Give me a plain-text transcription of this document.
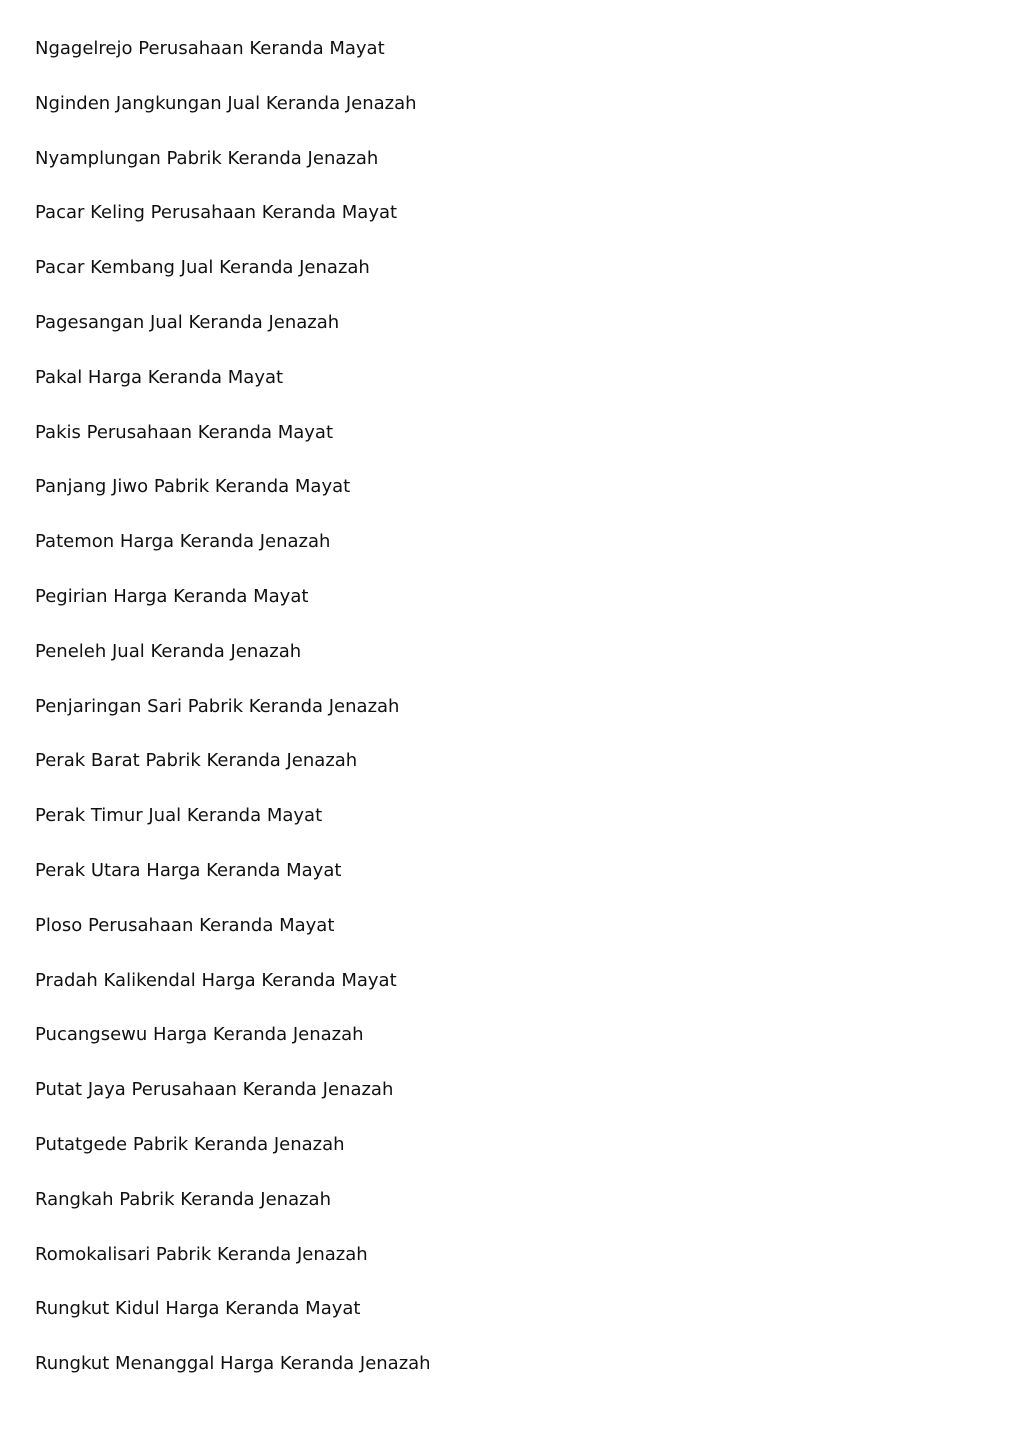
Ngagelrejo Perusahaan Keranda Mayat
Nginden Jangkungan Jual Keranda Jenazah
Nyamplungan Pabrik Keranda Jenazah
Pacar Keling Perusahaan Keranda Mayat
Pacar Kembang Jual Keranda Jenazah
Pagesangan Jual Keranda Jenazah
Pakal Harga Keranda Mayat
Pakis Perusahaan Keranda Mayat
Panjang Jiwo Pabrik Keranda Mayat
Patemon Harga Keranda Jenazah
Pegirian Harga Keranda Mayat
Peneleh Jual Keranda Jenazah
Penjaringan Sari Pabrik Keranda Jenazah
Perak Barat Pabrik Keranda Jenazah
Perak Timur Jual Keranda Mayat
Perak Utara Harga Keranda Mayat
Ploso Perusahaan Keranda Mayat
Pradah Kalikendal Harga Keranda Mayat
Pucangsewu Harga Keranda Jenazah
Putat Jaya Perusahaan Keranda Jenazah
Putatgede Pabrik Keranda Jenazah
Rangkah Pabrik Keranda Jenazah
Romokalisari Pabrik Keranda Jenazah
Rungkut Kidul Harga Keranda Mayat
Rungkut Menanggal Harga Keranda Jenazah
